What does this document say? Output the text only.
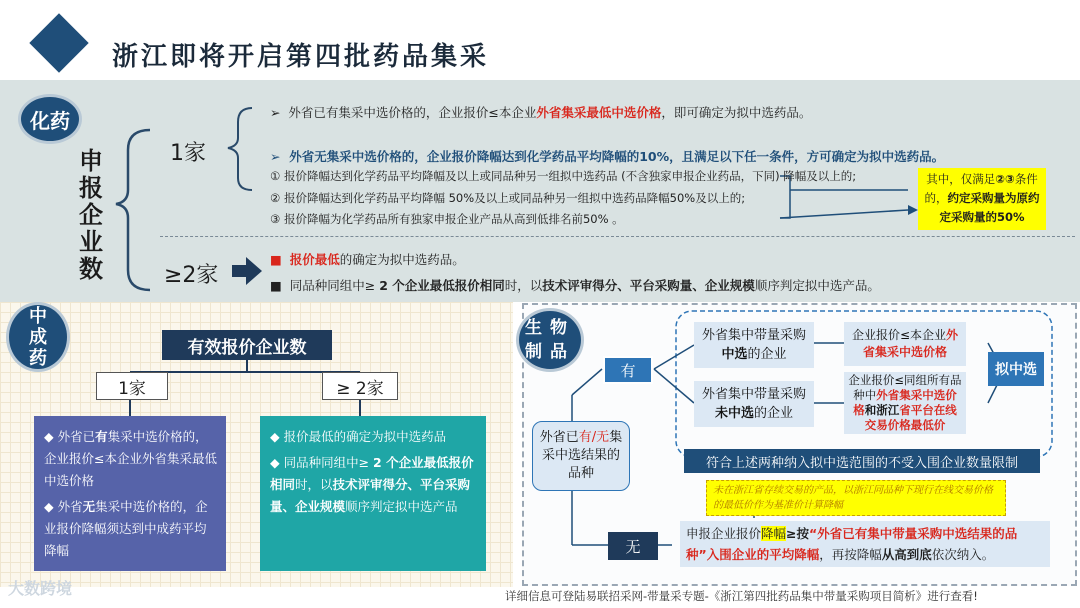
浙江即将开启第四批药品集采
化药
申报企业数
1家
≥2家
➢  外省已有集采中选价格的，企业报价≤本企业外省集采最低中选价格，即可确定为拟中选药品。
➢  外省无集采中选价格的，企业报价降幅达到化学药品平均降幅的10%，且满足以下任一条件，方可确定为拟中选药品。
① 报价降幅达到化学药品平均降幅及以上或同品种另一组拟中选药品 (不含独家申报企业药品，下同) 降幅及以上的;
② 报价降幅达到化学药品平均降幅 50%及以上或同品种另一组拟中选药品降幅50%及以上的;
③ 报价降幅为化学药品所有独家申报企业产品从高到低排名前50% 。
其中，仅满足②③条件的，约定采购量为原约定采购量的50%
■  报价最低的确定为拟中选药品。
■  同品种同组中≥ 2 个企业最低报价相同时，以技术评审得分、平台采购量、企业规模顺序判定拟中选产品。
中
成
药	有效报价企业数
1家	≥ 2家
◆ 外省已有集采中选价格的，企业报价≤本企业外省集采最低中选价格
◆ 外省无集采中选价格的，企业报价降幅须达到中成药平均降幅
◆ 报价最低的确定为拟中选药品
◆ 同品种同组中≥ 2 个企业最低报价相同时，以技术评审得分、平台采购量、企业规模顺序判定拟中选产品
生物
制品
有
无
外省已有/无集采中选结果的品种
外省集中带量采购中选的企业
外省集中带量采购未中选的企业
企业报价≤本企业外省集采中选价格
企业报价≤同组所有品种中外省集采中选价格和浙江省平台在线交易价格最低价
拟中选
符合上述两种纳入拟中选范围的不受入围企业数量限制
未在浙江省存续交易的产品，以浙江同品种下现行在线交易价格的最低价作为基准价计算降幅
申报企业报价降幅≥按“外省已有集中带量采购中选结果的品种”入围企业的平均降幅，再按降幅从高到底依次纳入。
大数跨境	详细信息可登陆易联招采网-带量采专题-《浙江第四批药品集中带量采购项目简析》进行查看!
